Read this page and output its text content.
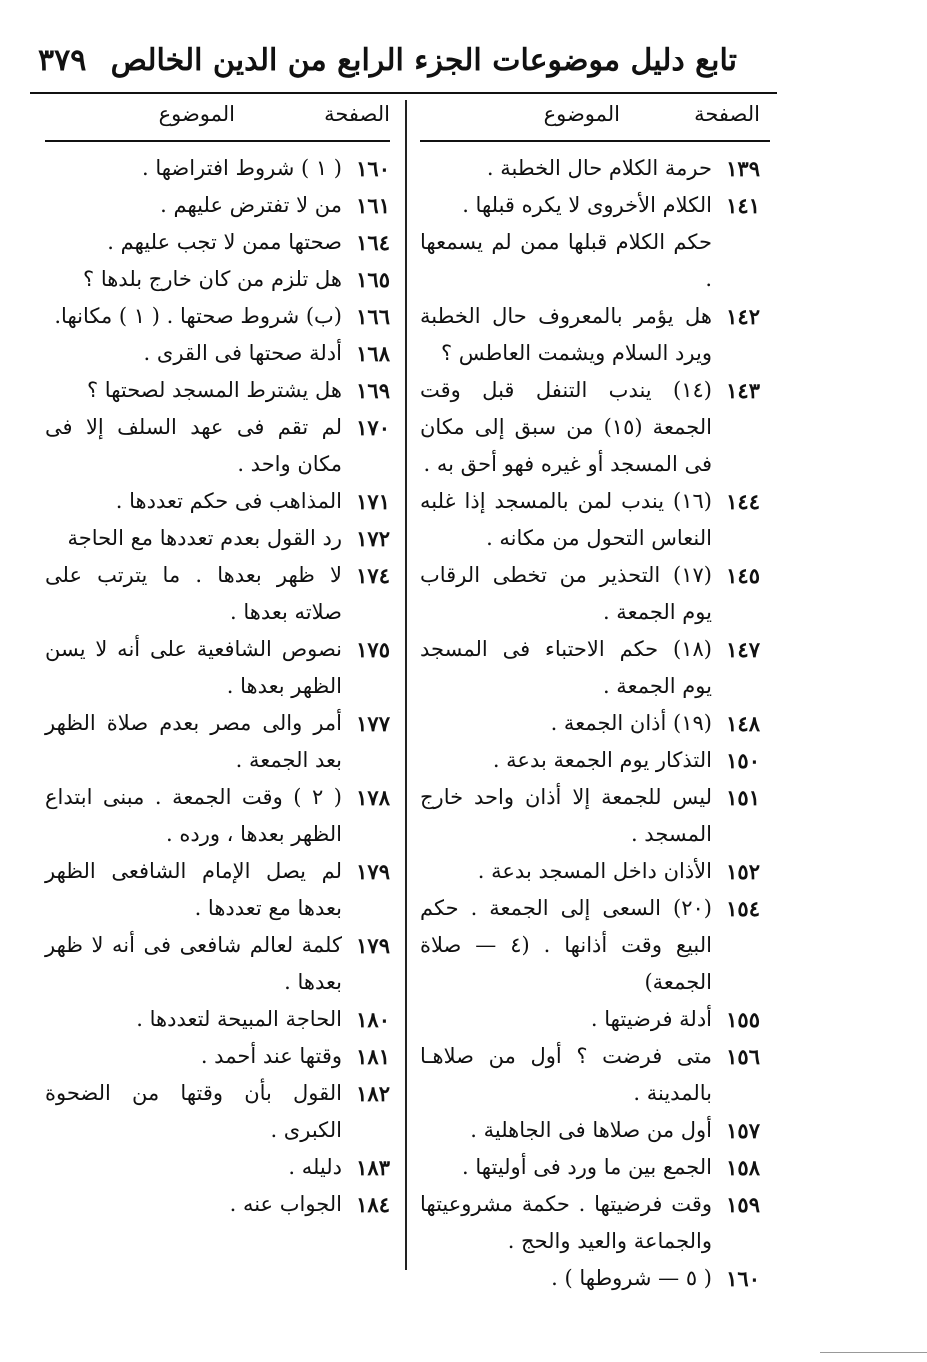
تابع دليل موضوعات الجزء الرابع من الدين الخالص
٣٧٩
الصفحة
الموضوع
١٣٩
حرمة الكلام حال الخطبة .
١٤١
الكلام الأخروى لا يكره قبلها .
حكم الكلام قبلها ممن لم يسمعها .
١٤٢
هل يؤمر بالمعروف حال الخطبة ويرد السلام ويشمت العاطس ؟
١٤٣
(١٤) يندب التنفل قبل وقت الجمعة (١٥) من سبق إلى مكان فى المسجد أو غيره فهو أحق به .
١٤٤
(١٦) يندب لمن بالمسجد إذا غلبه النعاس التحول من مكانه .
١٤٥
(١٧) التحذير من تخطى الرقاب يوم الجمعة .
١٤٧
(١٨) حكم الاحتباء فى المسجد يوم الجمعة .
١٤٨
(١٩) أذان الجمعة .
١٥٠
التذكار يوم الجمعة بدعة .
١٥١
ليس للجمعة إلا أذان واحد خارج المسجد .
١٥٢
الأذان داخل المسجد بدعة .
١٥٤
(٢٠) السعى إلى الجمعة . حكم البيع وقت أذانها . (٤ — صلاة الجمعة)
١٥٥
أدلة فرضيتها .
١٥٦
متى فرضت ؟ أول من صلاهـا بالمدينة .
١٥٧
أول من صلاها فى الجاهلية .
١٥٨
الجمع بين ما ورد فى أوليتها .
١٥٩
وقت فرضيتها . حكمة مشروعيتها والجماعة والعيد والحج .
١٦٠
( ٥ — شروطها ) .
الصفحة
الموضوع
١٦٠
( ١ ) شروط افتراضها .
١٦١
من لا تفترض عليهم .
١٦٤
صحتها ممن لا تجب عليهم .
١٦٥
هل تلزم من كان خارج بلدها ؟
١٦٦
(ب) شروط صحتها . ( ١ ) مكانها.
١٦٨
أدلة صحتها فى القرى .
١٦٩
هل يشترط المسجد لصحتها ؟
١٧٠
لم تقم فى عهد السلف إلا فى مكان واحد .
١٧١
المذاهب فى حكم تعددها .
١٧٢
رد القول بعدم تعددها مع الحاجة
١٧٤
لا ظهر بعدها . ما يترتب على صلاته بعدها .
١٧٥
نصوص الشافعية على أنه لا يسن الظهر بعدها .
١٧٧
أمر والى مصر بعدم صلاة الظهر بعد الجمعة .
١٧٨
( ٢ ) وقت الجمعة . مبنى ابتداع الظهر بعدها ، ورده .
١٧٩
لم يصل الإمام الشافعى الظهر بعدها مع تعددها .
١٧٩
كلمة لعالم شافعى فى أنه لا ظهر بعدها .
١٨٠
الحاجة المبيحة لتعددها .
١٨١
وقتها عند أحمد .
١٨٢
القول بأن وقتها من الضحوة الكبرى .
١٨٣
دليله .
١٨٤
الجواب عنه .
